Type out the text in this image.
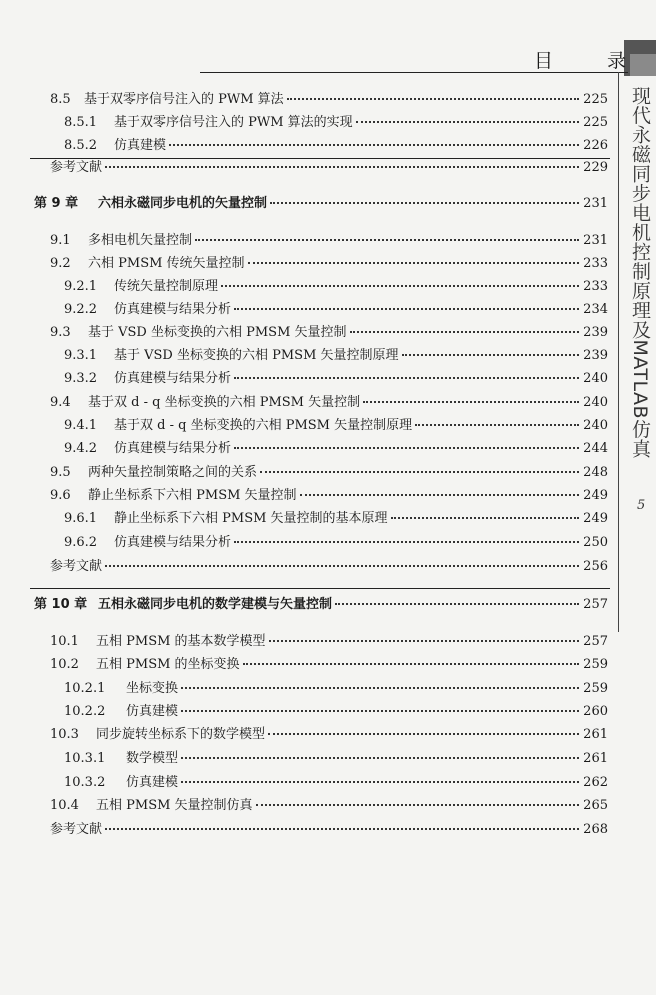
目 录
现代永磁同步电机控制原理及MATLAB仿真
5
8.5	基于双零序信号注入的 PWM 算法	225
8.5.1	基于双零序信号注入的 PWM 算法的实现	225
8.5.2	仿真建模	226
参考文献	229
第 9 章	六相永磁同步电机的矢量控制	231
9.1	多相电机矢量控制	231
9.2	六相 PMSM 传统矢量控制	233
9.2.1	传统矢量控制原理	233
9.2.2	仿真建模与结果分析	234
9.3	基于 VSD 坐标变换的六相 PMSM 矢量控制	239
9.3.1	基于 VSD 坐标变换的六相 PMSM 矢量控制原理	239
9.3.2	仿真建模与结果分析	240
9.4	基于双 d - q 坐标变换的六相 PMSM 矢量控制	240
9.4.1	基于双 d - q 坐标变换的六相 PMSM 矢量控制原理	240
9.4.2	仿真建模与结果分析	244
9.5	两种矢量控制策略之间的关系	248
9.6	静止坐标系下六相 PMSM 矢量控制	249
9.6.1	静止坐标系下六相 PMSM 矢量控制的基本原理	249
9.6.2	仿真建模与结果分析	250
参考文献	256
第 10 章 五相永磁同步电机的数学建模与矢量控制	257
10.1	五相 PMSM 的基本数学模型	257
10.2	五相 PMSM 的坐标变换	259
10.2.1	坐标变换	259
10.2.2	仿真建模	260
10.3	同步旋转坐标系下的数学模型	261
10.3.1	数学模型	261
10.3.2	仿真建模	262
10.4	五相 PMSM 矢量控制仿真	265
参考文献	268
